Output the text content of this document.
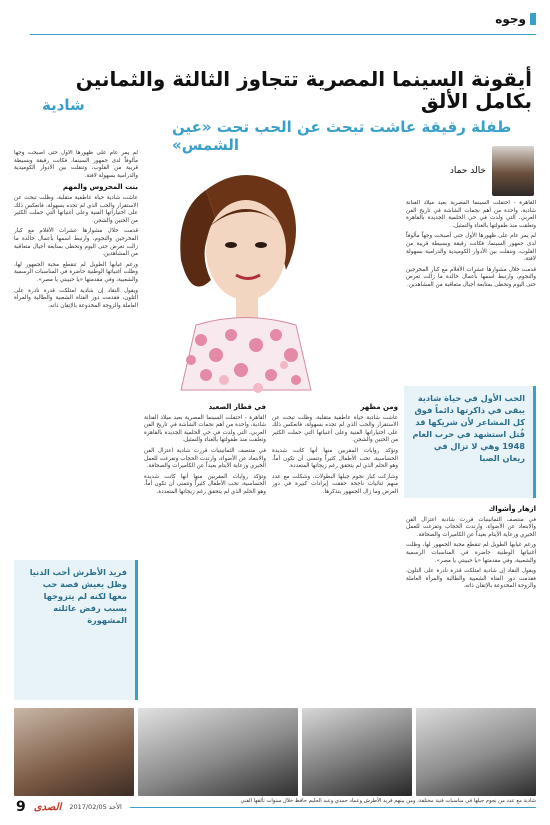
وجوه
أيقونة السينما المصرية تتجاوز الثالثة والثمانين بكامل الألق
شادية
طفلة رقيقة عاشت تبحث عن الحب تحت «عين الشمس»
خالد حماد

القاهرة - احتفلت السينما المصرية بعيد ميلاد الفنانة شادية، واحدة من أهم نجمات الشاشة في تاريخ الفن العربي، التي ولدت في حي الحلمية الجديدة بالقاهرة وتعلقت منذ طفولتها بالغناء والتمثيل.

لم يمر عام على ظهورها الأول حتى أصبحت وجهاً مألوفاً لدى جمهور السينما، فكانت رقيقة وبسيطة قريبة من القلوب، وتنقلت بين الأدوار الكوميدية والدرامية بسهولة لافتة.

قدمت خلال مشوارها عشرات الأفلام مع كبار المخرجين والنجوم، وارتبط اسمها بأعمال خالدة ما زالت تعرض حتى اليوم وتحظى بمتابعة أجيال متعاقبة من المشاهدين.

الحب الأول في حياة شادية يبقى في ذاكرتها دائماً فوق كل المشاعر لأن شريكها قد قُتل استشهد في حرب العام 1948 وهي لا تزال في ريعان الصبا
ازهار وأشواك

في منتصف الثمانينيات قررت شادية اعتزال الفن والابتعاد عن الأضواء، وارتدت الحجاب وتفرغت للعمل الخيري ورعاية الأيتام بعيداً عن الكاميرات والصحافة.

ورغم غيابها الطويل لم تنقطع محبة الجمهور لها، وظلت أغنياتها الوطنية حاضرة في المناسبات الرسمية والشعبية، وفي مقدمتها «يا حبيبتي يا مصر».

ويقول النقاد إن شادية امتلكت قدرة نادرة على التلون، فقدمت دور الفتاة الشعبية والطالبة والمرأة العاملة والزوجة المخدوعة بالإتقان ذاته.

ومن مظهر

عاشت شادية حياة عاطفية متقلبة، وظلت تبحث عن الاستقرار والحب الذي لم تجده بسهولة، فانعكس ذلك على اختياراتها الفنية وعلى أغنياتها التي حملت الكثير من الحنين والشجن.

وتؤكد روايات المقربين منها أنها كانت شديدة الحساسية، تحب الأطفال كثيراً وتتمنى أن تكون أماً، وهو الحلم الذي لم يتحقق رغم زيجاتها المتعددة.

وشاركت كبار نجوم جيلها البطولات، وشكلت مع عدد منهم ثنائيات ناجحة حققت إيرادات كبيرة في دور العرض وما زال الجمهور يتذكرها.

في قطار الصعيد

القاهرة - احتفلت السينما المصرية بعيد ميلاد الفنانة شادية، واحدة من أهم نجمات الشاشة في تاريخ الفن العربي، التي ولدت في حي الحلمية الجديدة بالقاهرة وتعلقت منذ طفولتها بالغناء والتمثيل.

في منتصف الثمانينيات قررت شادية اعتزال الفن والابتعاد عن الأضواء، وارتدت الحجاب وتفرغت للعمل الخيري ورعاية الأيتام بعيداً عن الكاميرات والصحافة.

وتؤكد روايات المقربين منها أنها كانت شديدة الحساسية، تحب الأطفال كثيراً وتتمنى أن تكون أماً، وهو الحلم الذي لم يتحقق رغم زيجاتها المتعددة.

لم يمر عام على ظهورها الأول حتى أصبحت وجهاً مألوفاً لدى جمهور السينما، فكانت رقيقة وبسيطة قريبة من القلوب، وتنقلت بين الأدوار الكوميدية والدرامية بسهولة لافتة.

بنت المحروس والمهم

عاشت شادية حياة عاطفية متقلبة، وظلت تبحث عن الاستقرار والحب الذي لم تجده بسهولة، فانعكس ذلك على اختياراتها الفنية وعلى أغنياتها التي حملت الكثير من الحنين والشجن.

قدمت خلال مشوارها عشرات الأفلام مع كبار المخرجين والنجوم، وارتبط اسمها بأعمال خالدة ما زالت تعرض حتى اليوم وتحظى بمتابعة أجيال متعاقبة من المشاهدين.

ورغم غيابها الطويل لم تنقطع محبة الجمهور لها، وظلت أغنياتها الوطنية حاضرة في المناسبات الرسمية والشعبية، وفي مقدمتها «يا حبيبتي يا مصر».

ويقول النقاد إن شادية امتلكت قدرة نادرة على التلون، فقدمت دور الفتاة الشعبية والطالبة والمرأة العاملة والزوجة المخدوعة بالإتقان ذاته.

فريد الأطرش أحب الدنيا وظل يعيش قصة حب معها لكنه لم يتزوجها بسبب رفض عائلته المشهورة
شادية مع عدد من نجوم جيلها في مناسبات فنية مختلفة، ومن بينهم فريد الأطرش وعماد حمدي وعبد الحليم حافظ خلال سنوات تألقها الفني
9 الصدى الأحد 2017/02/05
